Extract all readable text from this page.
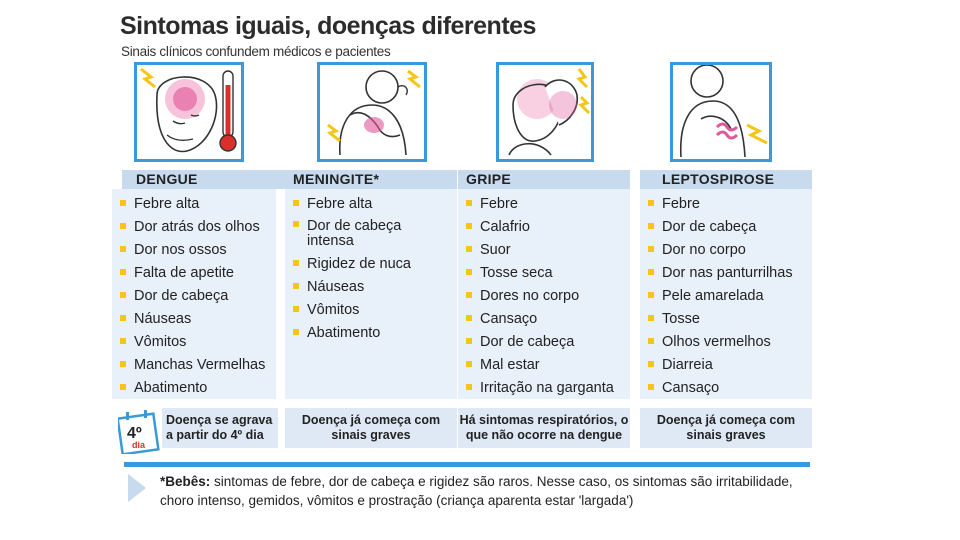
Sintomas iguais, doenças diferentes
Sinais clínicos confundem médicos e pacientes
DENGUE
Febre alta
Dor atrás dos olhos
Dor nos ossos
Falta de apetite
Dor de cabeça
Náuseas
Vômitos
Manchas Vermelhas
Abatimento
Doença se agrava a partir do 4º dia
MENINGITE*
Febre alta
Dor de cabeça intensa
Rigidez de nuca
Náuseas
Vômitos
Abatimento
Doença já começa com sinais graves
GRIPE
Febre
Calafrio
Suor
Tosse seca
Dores no corpo
Cansaço
Dor de cabeça
Mal estar
Irritação na garganta
Há sintomas respiratórios, o que não ocorre na dengue
LEPTOSPIROSE
Febre
Dor de cabeça
Dor no corpo
Dor nas panturrilhas
Pele amarelada
Tosse
Olhos vermelhos
Diarreia
Cansaço
Doença já começa com sinais graves
4º
dia
*Bebês: sintomas de febre, dor de cabeça e rigidez são raros. Nesse caso, os sintomas são irritabilidade, choro intenso, gemidos, vômitos e prostração (criança aparenta estar 'largada')
